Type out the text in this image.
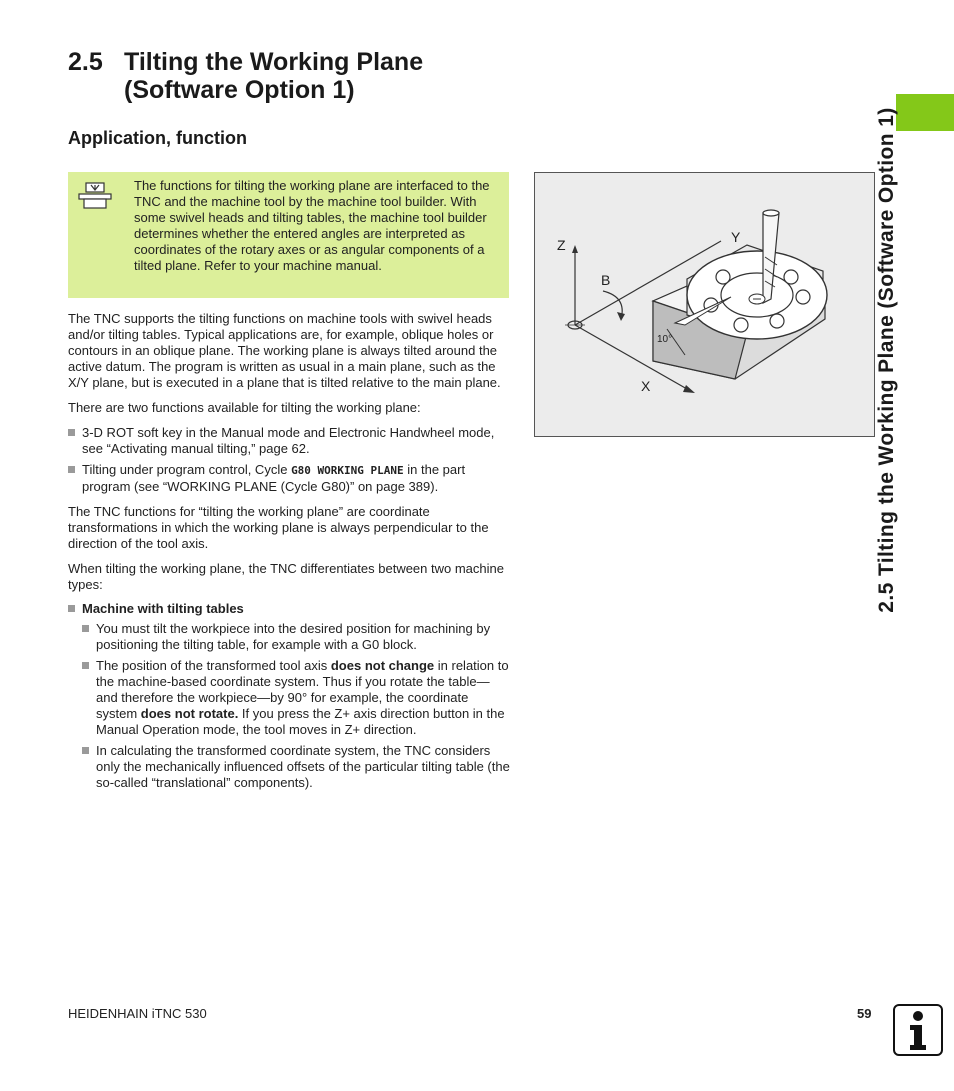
2.5 Tilting the Working Plane
(Software Option 1)
Application, function
The functions for tilting the working plane are interfaced to the TNC and the machine tool by the machine tool builder. With some swivel heads and tilting tables, the machine tool builder determines whether the entered angles are interpreted as coordinates of the rotary axes or as angular components of a tilted plane. Refer to your machine manual.

The TNC supports the tilting functions on machine tools with swivel heads and/or tilting tables. Typical applications are, for example, oblique holes or contours in an oblique plane. The working plane is always tilted around the active datum. The program is written as usual in a main plane, such as the X/Y plane, but is executed in a plane that is tilted relative to the main plane.

There are two functions available for tilting the working plane:

3-D ROT soft key in the Manual mode and Electronic Handwheel mode, see “Activating manual tilting,” page 62.
Tilting under program control, Cycle G80 WORKING PLANE in the part program (see “WORKING PLANE (Cycle G80)” on page 389).

The TNC functions for “tilting the working plane” are coordinate transformations in which the working plane is always perpendicular to the direction of the tool axis.

When tilting the working plane, the TNC differentiates between two machine types:

Machine with tilting tables
You must tilt the workpiece into the desired position for machining by positioning the tilting table, for example with a G0 block.
The position of the transformed tool axis does not change in relation to the machine-based coordinate system. Thus if you rotate the table—and therefore the workpiece—by 90° for example, the coordinate system does not rotate. If you press the Z+ axis direction button in the Manual Operation mode, the tool moves in Z+ direction.
In calculating the transformed coordinate system, the TNC considers only the mechanically influenced offsets of the particular tilting table (the so-called “translational” components).
Z	Y
X
B
10°	2.5 Tilting the Working Plane (Software Option 1)
HEIDENHAIN iTNC 530	59
